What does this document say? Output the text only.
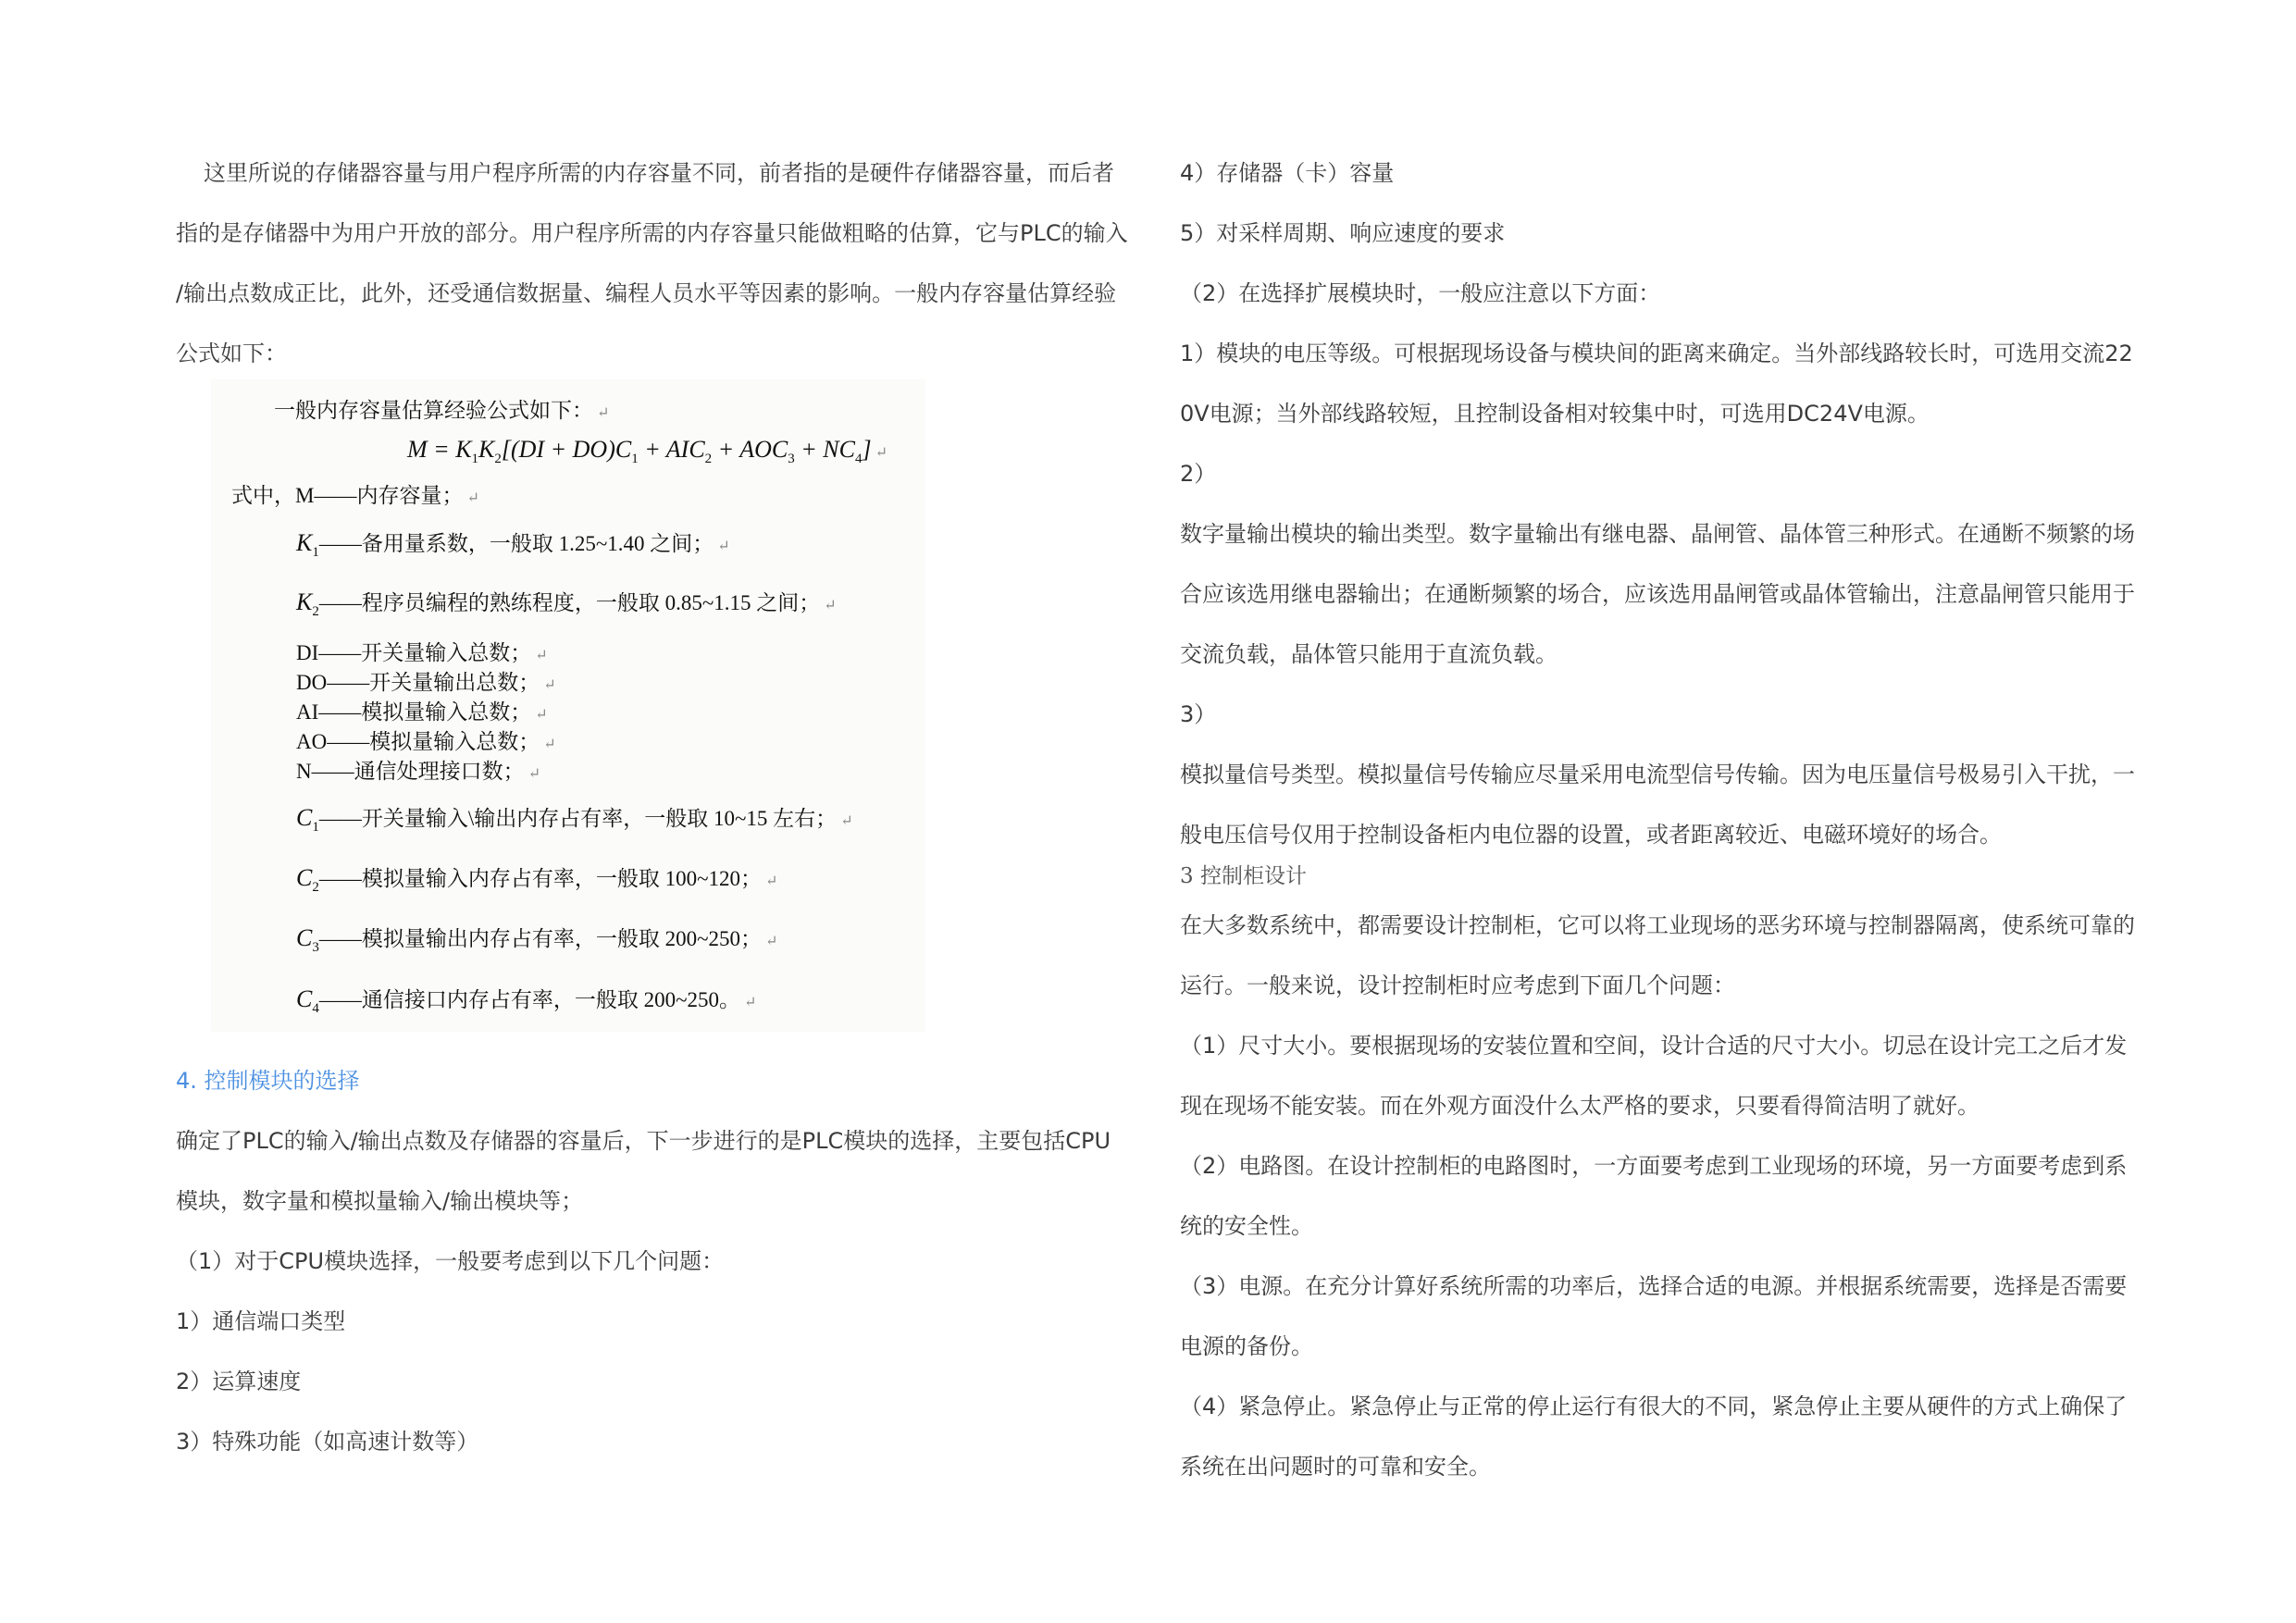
这里所说的存储器容量与用户程序所需的内存容量不同，前者指的是硬件存储器容量，而后者

指的是存储器中为用户开放的部分。用户程序所需的内存容量只能做粗略的估算，它与PLC的输入

/输出点数成正比，此外，还受通信数据量、编程人员水平等因素的影响。一般内存容量估算经验

公式如下：

一般内存容量估算经验公式如下： ↵
$M = K_1K_2[(DI + DO)C_1 + AIC_2 + AOC_3 + NC_4]$ ↵
式中，M——内存容量； ↵
$K_1——$备用量系数，一般取 1.25~1.40 之间； ↵
$K_2——$程序员编程的熟练程度，一般取 0.85~1.15 之间； ↵
DI——开关量输入总数； ↵
DO——开关量输出总数； ↵
AI——模拟量输入总数； ↵
AO——模拟量输入总数； ↵
N——通信处理接口数； ↵
$C_1——$开关量输入\输出内存占有率，一般取 10~15 左右； ↵
$C_2——$模拟量输入内存占有率，一般取 100~120； ↵
$C_3——$模拟量输出内存占有率，一般取 200~250； ↵
$C_4——$通信接口内存占有率，一般取 200~250。 ↵

4. 控制模块的选择

确定了PLC的输入/输出点数及存储器的容量后，下一步进行的是PLC模块的选择，主要包括CPU

模块，数字量和模拟量输入/输出模块等；

（1）对于CPU模块选择，一般要考虑到以下几个问题：

1）通信端口类型

2）运算速度

3）特殊功能（如高速计数等）

4）存储器（卡）容量

5）对采样周期、响应速度的要求

（2）在选择扩展模块时，一般应注意以下方面：

1）模块的电压等级。可根据现场设备与模块间的距离来确定。当外部线路较长时，可选用交流22

0V电源；当外部线路较短，且控制设备相对较集中时，可选用DC24V电源。

2）

数字量输出模块的输出类型。数字量输出有继电器、晶闸管、晶体管三种形式。在通断不频繁的场

合应该选用继电器输出；在通断频繁的场合，应该选用晶闸管或晶体管输出，注意晶闸管只能用于

交流负载，晶体管只能用于直流负载。

3）

模拟量信号类型。模拟量信号传输应尽量采用电流型信号传输。因为电压量信号极易引入干扰，一

般电压信号仅用于控制设备柜内电位器的设置，或者距离较近、电磁环境好的场合。

3 控制柜设计

在大多数系统中，都需要设计控制柜，它可以将工业现场的恶劣环境与控制器隔离，使系统可靠的

运行。一般来说，设计控制柜时应考虑到下面几个问题：

（1）尺寸大小。要根据现场的安装位置和空间，设计合适的尺寸大小。切忌在设计完工之后才发

现在现场不能安装。而在外观方面没什么太严格的要求，只要看得简洁明了就好。

（2）电路图。在设计控制柜的电路图时，一方面要考虑到工业现场的环境，另一方面要考虑到系

统的安全性。

（3）电源。在充分计算好系统所需的功率后，选择合适的电源。并根据系统需要，选择是否需要

电源的备份。

（4）紧急停止。紧急停止与正常的停止运行有很大的不同，紧急停止主要从硬件的方式上确保了

系统在出问题时的可靠和安全。
